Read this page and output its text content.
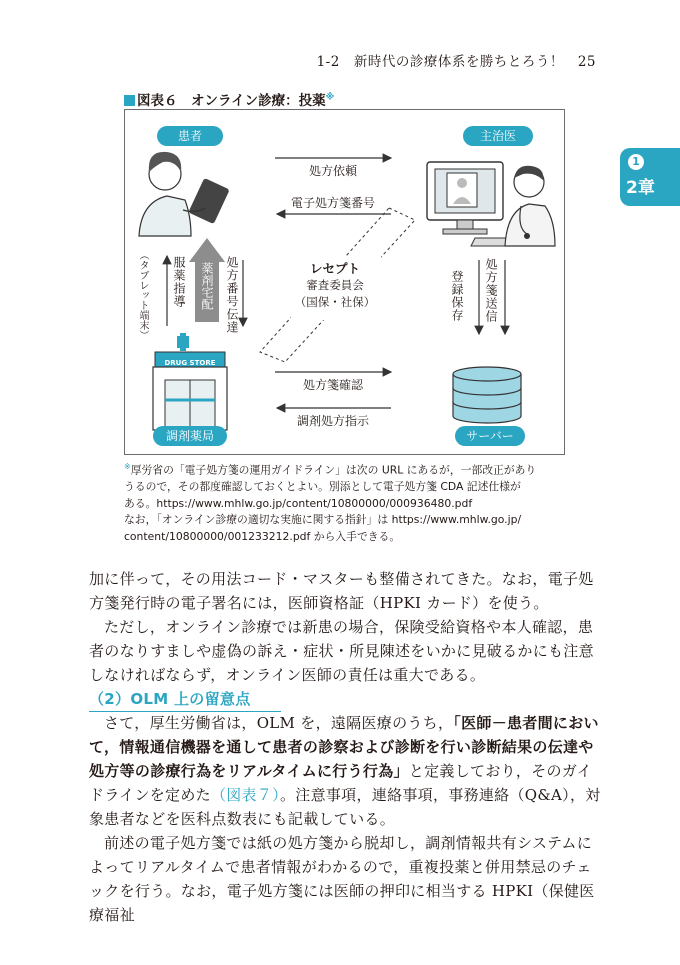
1-2　新時代の診療体系を勝ちとろう！　25
1
2章
図表６　オンライン診療：投薬※
患者	主治医
調剤薬局	サーバー
DRUG STORE
処方依頼
電子処方箋番号
処方箋確認
調剤処方指示
処方番号伝達
服薬指導
（タブレット端末）	薬剤宅配	登録保存 処方箋送信
レセプト
審査委員会
（国保・社保）

※厚労省の「電子処方箋の運用ガイドライン」は次の URL にあるが，一部改正があり

うるので，その都度確認しておくとよい。別添として電子処方箋 CDA 記述仕様が

ある。https://www.mhlw.go.jp/content/10800000/000936480.pdf

なお，「オンライン診療の適切な実施に関する指針」は https://www.mhlw.go.jp/

content/10800000/001233212.pdf から入手できる。

加に伴って，その用法コード・マスターも整備されてきた。なお，電子処方箋発行時の電子署名には，医師資格証（HPKI カード）を使う。

ただし，オンライン診療では新患の場合，保険受給資格や本人確認，患者のなりすましや虚偽の訴え・症状・所見陳述をいかに見破るかにも注意しなければならず，オンライン医師の責任は重大である。

（2）OLM 上の留意点

さて，厚生労働省は，OLM を，遠隔医療のうち，「医師－患者間において，情報通信機器を通して患者の診察および診断を行い診断結果の伝達や処方等の診療行為をリアルタイムに行う行為」と定義しており，そのガイドラインを定めた（図表７）。注意事項，連絡事項，事務連絡（Q&A），対象患者などを医科点数表にも記載している。

前述の電子処方箋では紙の処方箋から脱却し，調剤情報共有システムによってリアルタイムで患者情報がわかるので，重複投薬と併用禁忌のチェックを行う。なお，電子処方箋には医師の押印に相当する HPKI（保健医療福祉
